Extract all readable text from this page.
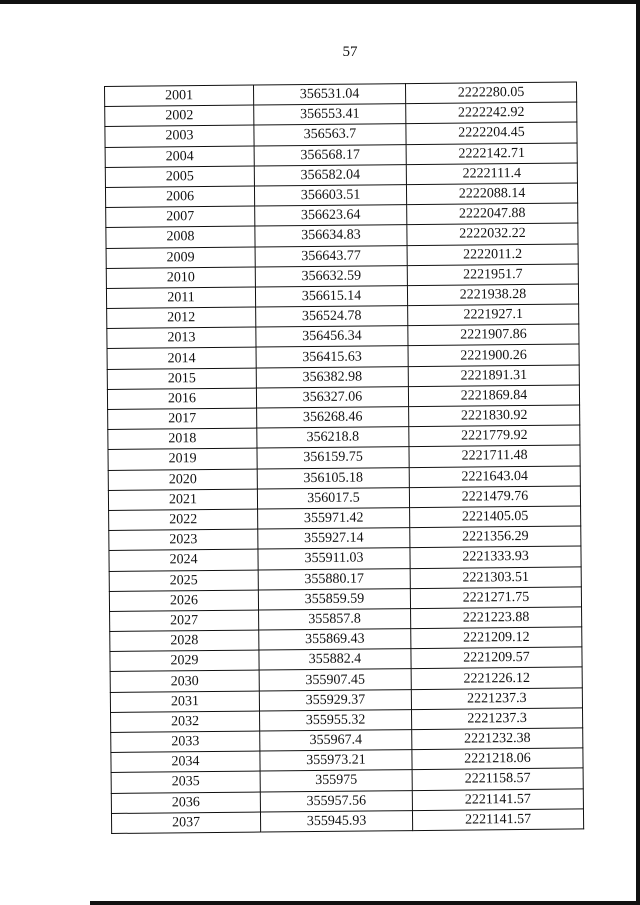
57
2001	356531.04	2222280.05
2002	356553.41	2222242.92
2003	356563.7	2222204.45
2004	356568.17	2222142.71
2005	356582.04	2222111.4
2006	356603.51	2222088.14
2007	356623.64	2222047.88
2008	356634.83	2222032.22
2009	356643.77	2222011.2
2010	356632.59	2221951.7
2011	356615.14	2221938.28
2012	356524.78	2221927.1
2013	356456.34	2221907.86
2014	356415.63	2221900.26
2015	356382.98	2221891.31
2016	356327.06	2221869.84
2017	356268.46	2221830.92
2018	356218.8	2221779.92
2019	356159.75	2221711.48
2020	356105.18	2221643.04
2021	356017.5	2221479.76
2022	355971.42	2221405.05
2023	355927.14	2221356.29
2024	355911.03	2221333.93
2025	355880.17	2221303.51
2026	355859.59	2221271.75
2027	355857.8	2221223.88
2028	355869.43	2221209.12
2029	355882.4	2221209.57
2030	355907.45	2221226.12
2031	355929.37	2221237.3
2032	355955.32	2221237.3
2033	355967.4	2221232.38
2034	355973.21	2221218.06
2035	355975	2221158.57
2036	355957.56	2221141.57
2037	355945.93	2221141.57
